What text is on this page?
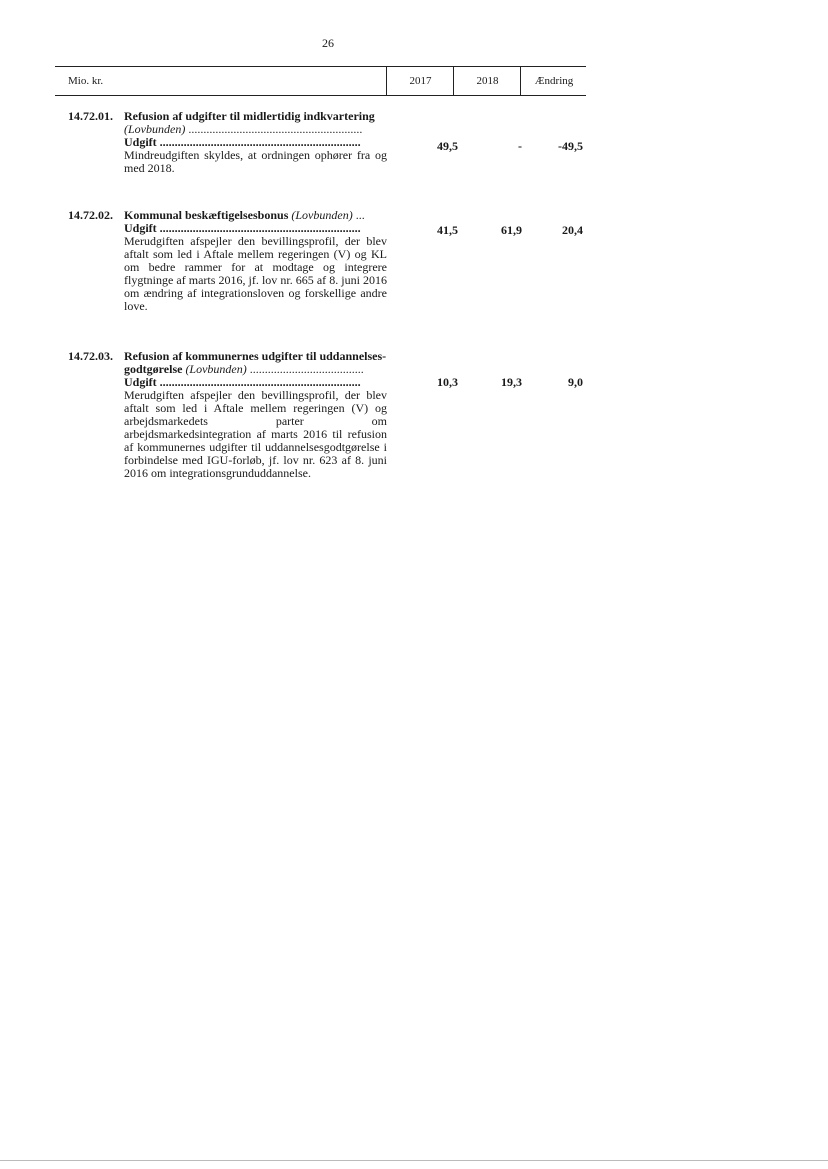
26
Mio. kr.	2017	2018	Ændring
14.72.01. Refusion af udgifter til midlertidig indkvartering
(Lovbunden) ..........................................................
Udgift ...................................................................
Mindreudgiften skyldes, at ordningen ophører fra og med 2018.
49,5	-	-49,5
14.72.02. Kommunal beskæftigelsesbonus (Lovbunden) ...
Udgift ...................................................................
Merudgiften afspejler den bevillingsprofil, der blev aftalt som led i Aftale mellem regeringen (V) og KL om bedre rammer for at modtage og integrere flygtninge af marts 2016, jf. lov nr. 665 af 8. juni 2016 om ændring af integrationsloven og forskellige andre love.
41,5	61,9	20,4
14.72.03. Refusion af kommunernes udgifter til uddannelses-godtgørelse (Lovbunden) ......................................
Udgift ...................................................................
Merudgiften afspejler den bevillingsprofil, der blev aftalt som led i Aftale mellem regeringen (V) og arbejdsmarkedets parter om arbejdsmarkedsintegration af marts 2016 til refusion af kommunernes udgifter til uddannelsesgodtgørelse i forbindelse med IGU-forløb, jf. lov nr. 623 af 8. juni 2016 om integrationsgrunduddannelse.
10,3	19,3	9,0
